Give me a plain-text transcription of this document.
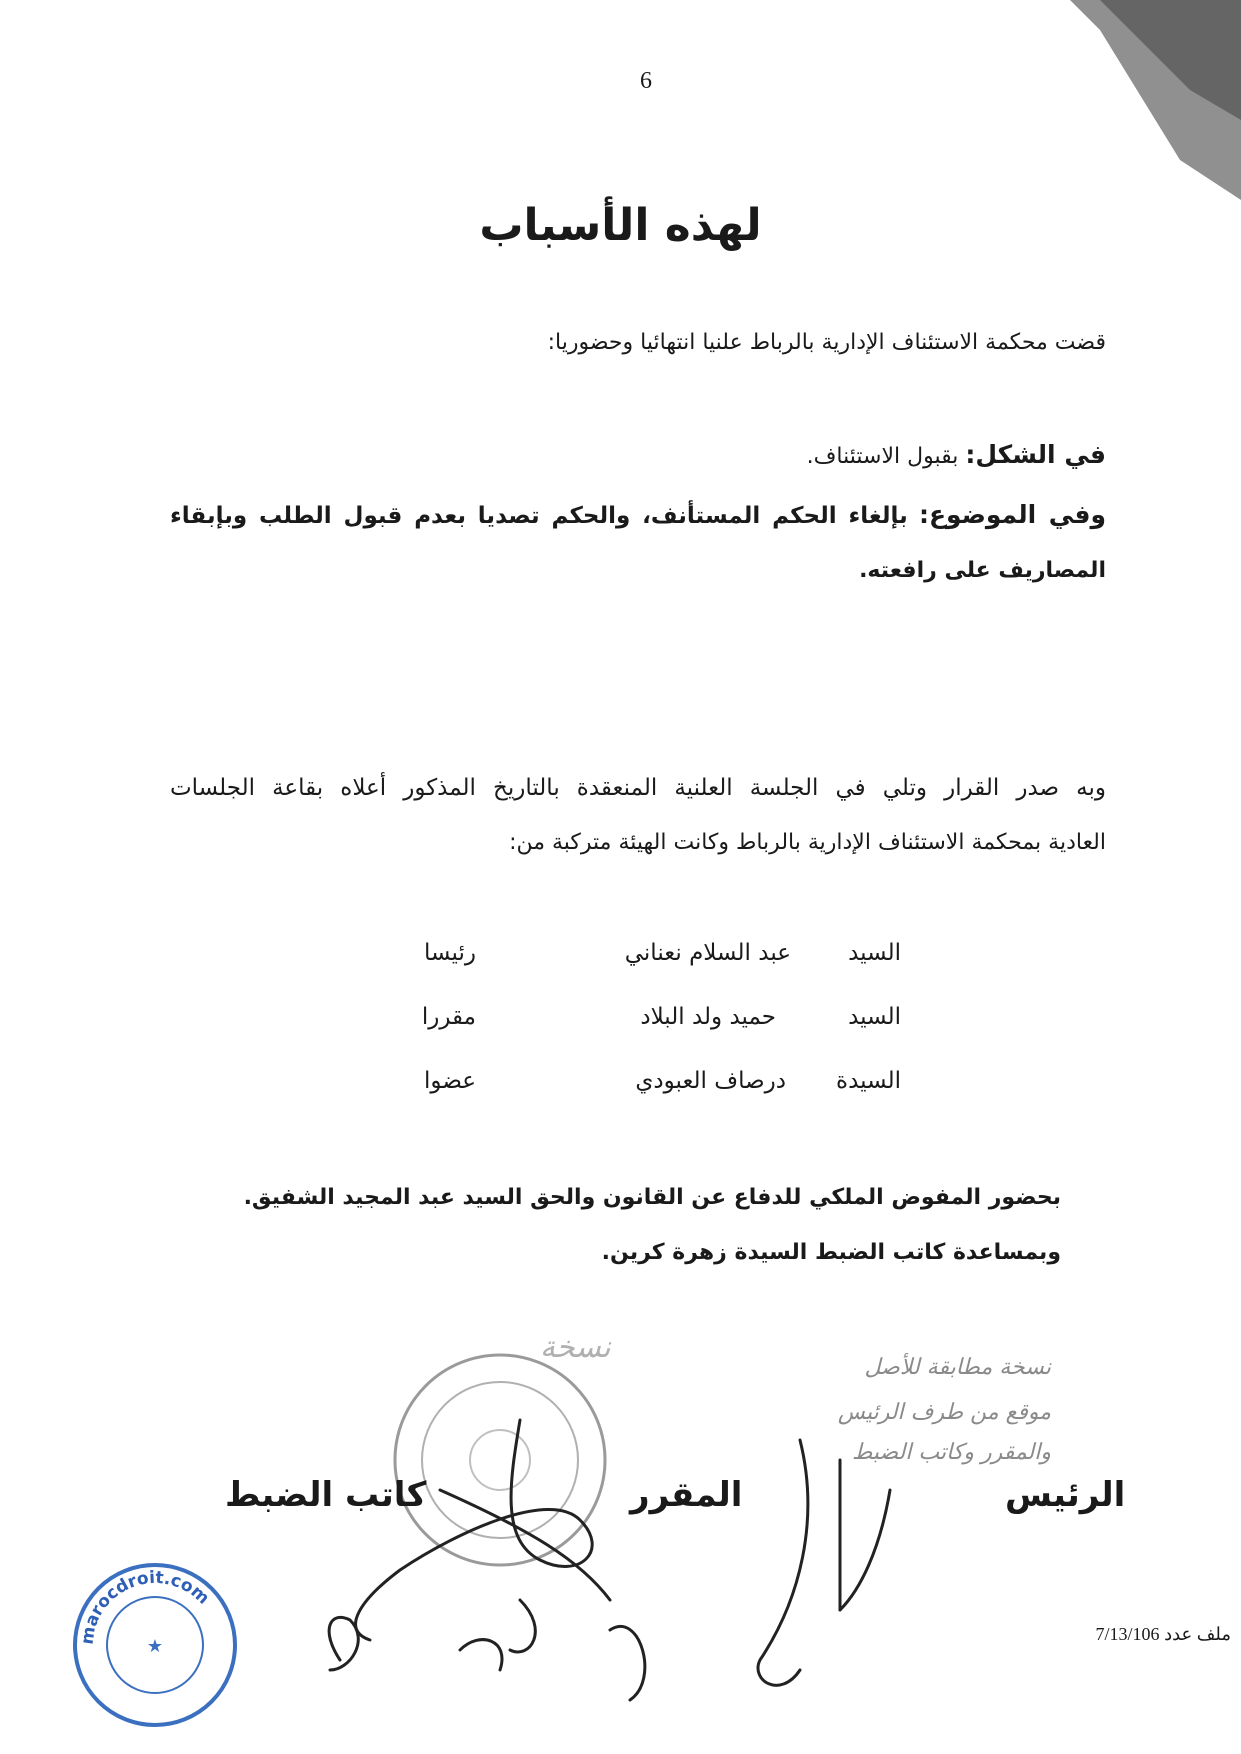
6
لهذه الأسباب
قضت محكمة الاستئناف الإدارية بالرباط علنيا انتهائيا وحضوريا:
في الشكل: بقبول الاستئناف.
وفي الموضوع: بإلغاء الحكم المستأنف، والحكم تصديا بعدم قبول الطلب وبإبقاء
المصاريف على رافعته.
وبه صدر القرار وتلي في الجلسة العلنية المنعقدة بالتاريخ المذكور أعلاه بقاعة الجلسات
العادية بمحكمة الاستئناف الإدارية بالرباط وكانت الهيئة متركبة من:
السيد
عبد السلام نعناني
رئيسا
السيد
حميد ولد البلاد
مقررا
السيدة
درصاف العبودي
عضوا
بحضور المفوض الملكي للدفاع عن القانون والحق السيد عبد المجيد الشفيق.
وبمساعدة كاتب الضبط السيدة زهرة كرين.
نسخة مطابقة للأصل
موقع من طرف الرئيس
والمقرر وكاتب الضبط
نسخة
الرئيس
المقرر
كاتب الضبط
marocdroit.com
★
ملف عدد 7/13/106
